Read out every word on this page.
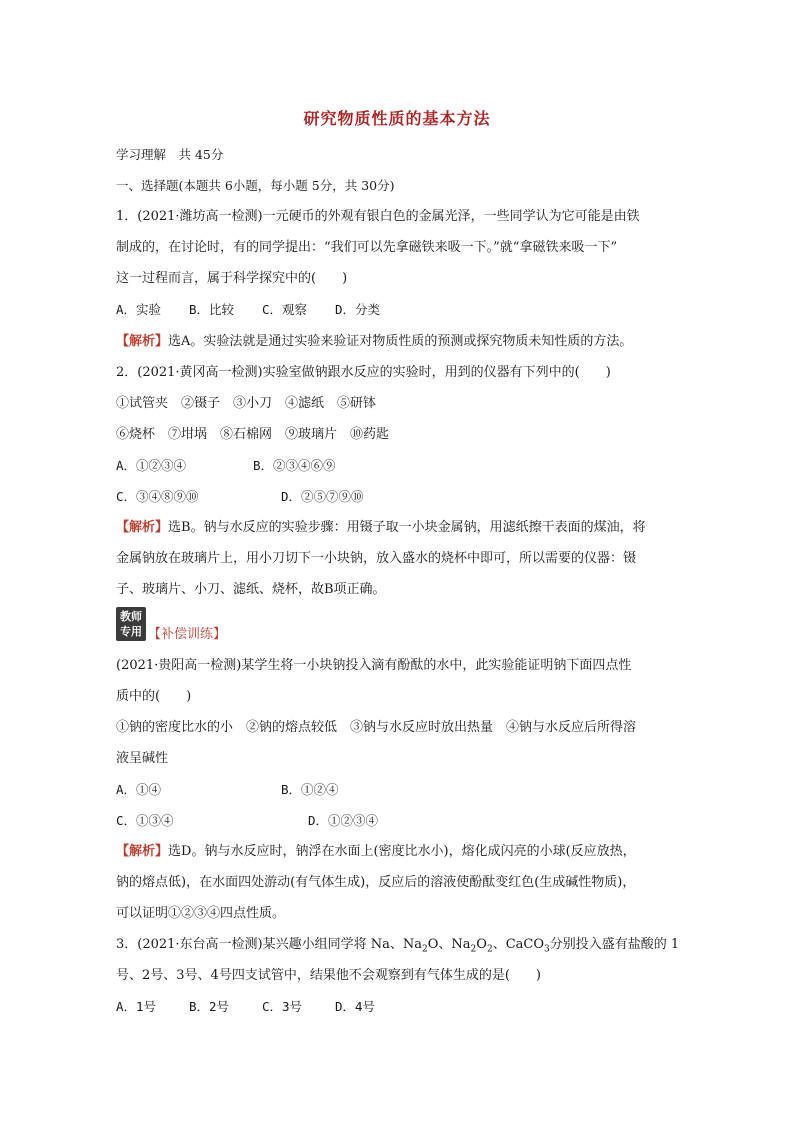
研究物质性质的基本方法
学习理解　共 45分
一、选择题(本题共 6小题，每小题 5分，共 30分)
1．(2021·潍坊高一检测)一元硬币的外观有银白色的金属光泽，一些同学认为它可能是由铁
制成的，在讨论时，有的同学提出：“我们可以先拿磁铁来吸一下。”就“拿磁铁来吸一下”
这一过程而言，属于科学探究中的(　　)
A．实验 B．比较 C．观察 D．分类
【解析】选A。实验法就是通过实验来验证对物质性质的预测或探究物质未知性质的方法。
2．(2021·黄冈高一检测)实验室做钠跟水反应的实验时，用到的仪器有下列中的(　　)
①试管夹　②镊子　③小刀　④滤纸　⑤研钵
⑥烧杯　⑦坩埚　⑧石棉网　⑨玻璃片　⑩药匙
A．①②③④	B．②③④⑥⑨
C．③④⑧⑨⑩	D．②⑤⑦⑨⑩
【解析】选B。钠与水反应的实验步骤：用镊子取一小块金属钠，用滤纸擦干表面的煤油，将
金属钠放在玻璃片上，用小刀切下一小块钠，放入盛水的烧杯中即可，所以需要的仪器：镊
子、玻璃片、小刀、滤纸、烧杯，故B项正确。
教师
专用 【补偿训练】
(2021·贵阳高一检测)某学生将一小块钠投入滴有酚酞的水中，此实验能证明钠下面四点性
质中的(　　)
①钠的密度比水的小　②钠的熔点较低　③钠与水反应时放出热量　④钠与水反应后所得溶
液呈碱性
A．①④	B．①②④
C．①③④	D．①②③④
【解析】选D。钠与水反应时，钠浮在水面上(密度比水小)，熔化成闪亮的小球(反应放热，
钠的熔点低)，在水面四处游动(有气体生成)，反应后的溶液使酚酞变红色(生成碱性物质)，
可以证明①②③④四点性质。
3．(2021·东台高一检测)某兴趣小组同学将 Na、$Na_2O$、$Na_2O_2$、CaCO$_3$分别投入盛有盐酸的 1
号、2号、3号、4号四支试管中，结果他不会观察到有气体生成的是(　　)
A．1号	B．2号	C．3号	D．4号
